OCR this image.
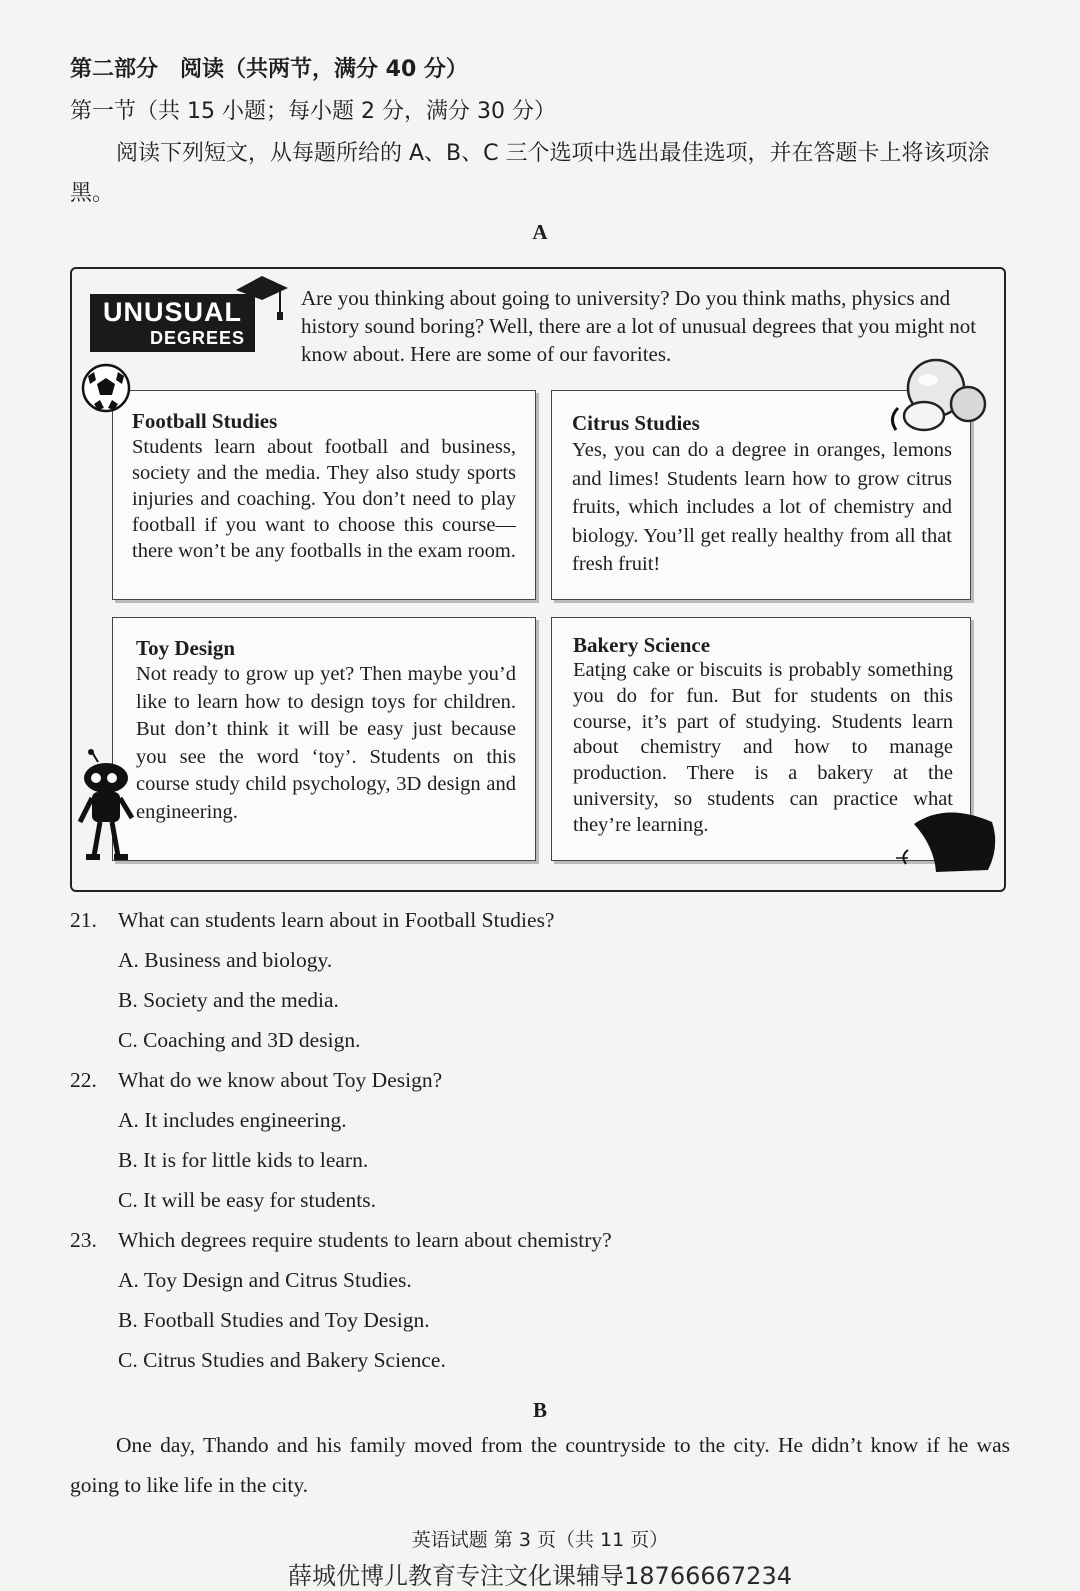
第二部分　阅读（共两节，满分 40 分）
第一节（共 15 小题；每小题 2 分，满分 30 分）
阅读下列短文，从每题所给的 A、B、C 三个选项中选出最佳选项，并在答题卡上将该项涂黑。
A
UNUSUAL
DEGREES
Are you thinking about going to university? Do you think maths, physics and history sound boring? Well, there are a lot of unusual degrees that you might not know about. Here are some of our favorites.
Football Studies
Students learn about football and business, society and the media. They also study sports injuries and coaching. You don’t need to play football if you want to choose this course—there won’t be any footballs in the exam room.
Citrus Studies
Yes, you can do a degree in oranges, lemons and limes! Students learn how to grow citrus fruits, which includes a lot of chemistry and biology. You’ll get really healthy from all that fresh fruit!
Toy Design
Not ready to grow up yet? Then maybe you’d like to learn how to design toys for children. But don’t think it will be easy just because you see the word ‘toy’. Students on this course study child psychology, 3D design and engineering.
Bakery Science
Eatįng cake or biscuits is probably something you do for fun. But for students on this course, it’s part of studying. Students learn about chemistry and how to manage production. There is a bakery at the university, so students can practice what they’re learning.
21. What can students learn about in Football Studies?
A. Business and biology.
B. Society and the media.
C. Coaching and 3D design.
22. What do we know about Toy Design?
A. It includes engineering.
B. It is for little kids to learn.
C. It will be easy for students.
23. Which degrees require students to learn about chemistry?
A. Toy Design and Citrus Studies.
B. Football Studies and Toy Design.
C. Citrus Studies and Bakery Science.
B
One day, Thando and his family moved from the countryside to the city. He didn’t know if he was going to like life in the city.
英语试题 第 3 页（共 11 页）
薛城优博儿教育专注文化课辅导18766667234
